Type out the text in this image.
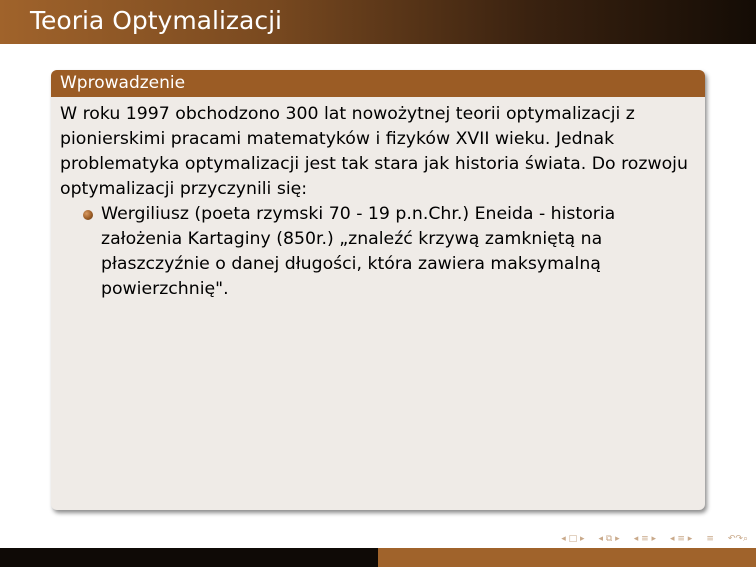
Teoria Optymalizacji
Wprowadzenie
W roku 1997 obchodzono 300 lat nowożytnej teorii optymalizacji z
pionierskimi pracami matematyków i fizyków XVII wieku. Jednak
problematyka optymalizacji jest tak stara jak historia świata. Do rozwoju
optymalizacji przyczynili się:
Wergiliusz (poeta rzymski 70 - 19 p.n.Chr.) Eneida - historia
założenia Kartaginy (850r.) „znaleźć krzywą zamkniętą na
płaszczyźnie o danej długości, która zawiera maksymalną
powierzchnię".
◂ □ ▸ ◂ ⧉ ▸ ◂ ≡ ▸ ◂ ≡ ▸ ≡ ↶↷⌕
